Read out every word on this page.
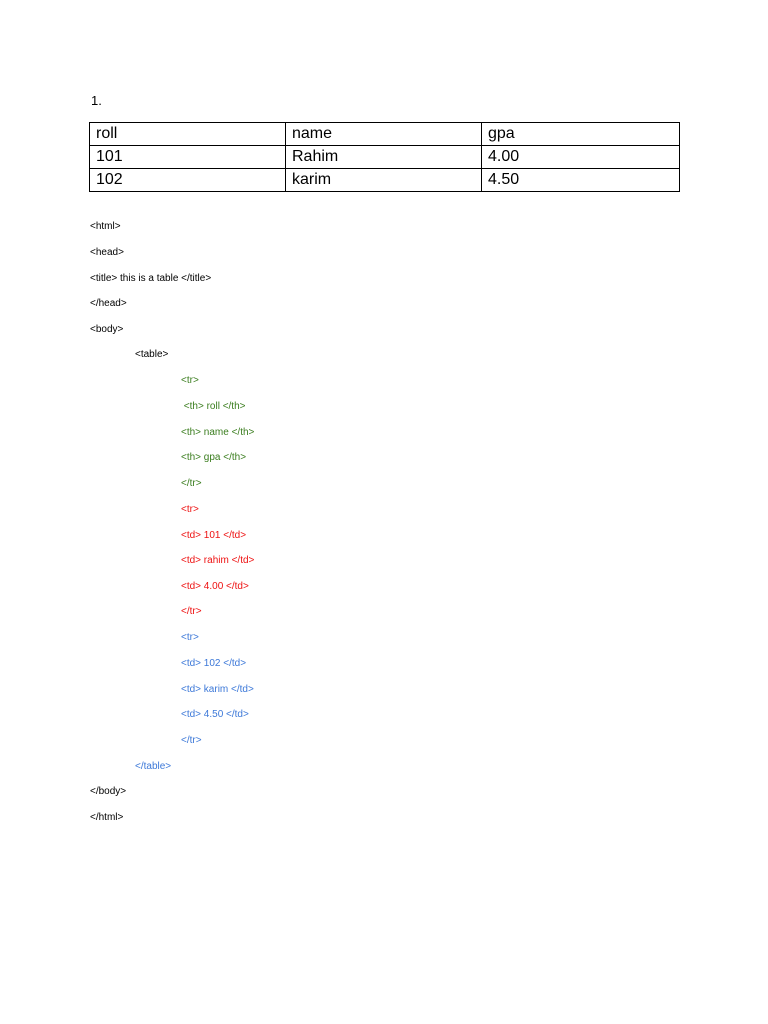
1.
roll	name	gpa
101	Rahim	4.00
102	karim	4.50
<html>
<head>
<title> this is a table </title>
</head>
<body>
<table>
<tr>
<th> roll </th>
<th> name </th>
<th> gpa </th>
</tr>
<tr>
<td> 101 </td>
<td> rahim </td>
<td> 4.00 </td>
</tr>
<tr>
<td> 102 </td>
<td> karim </td>
<td> 4.50 </td>
</tr>
</table>
</body>
</html>
